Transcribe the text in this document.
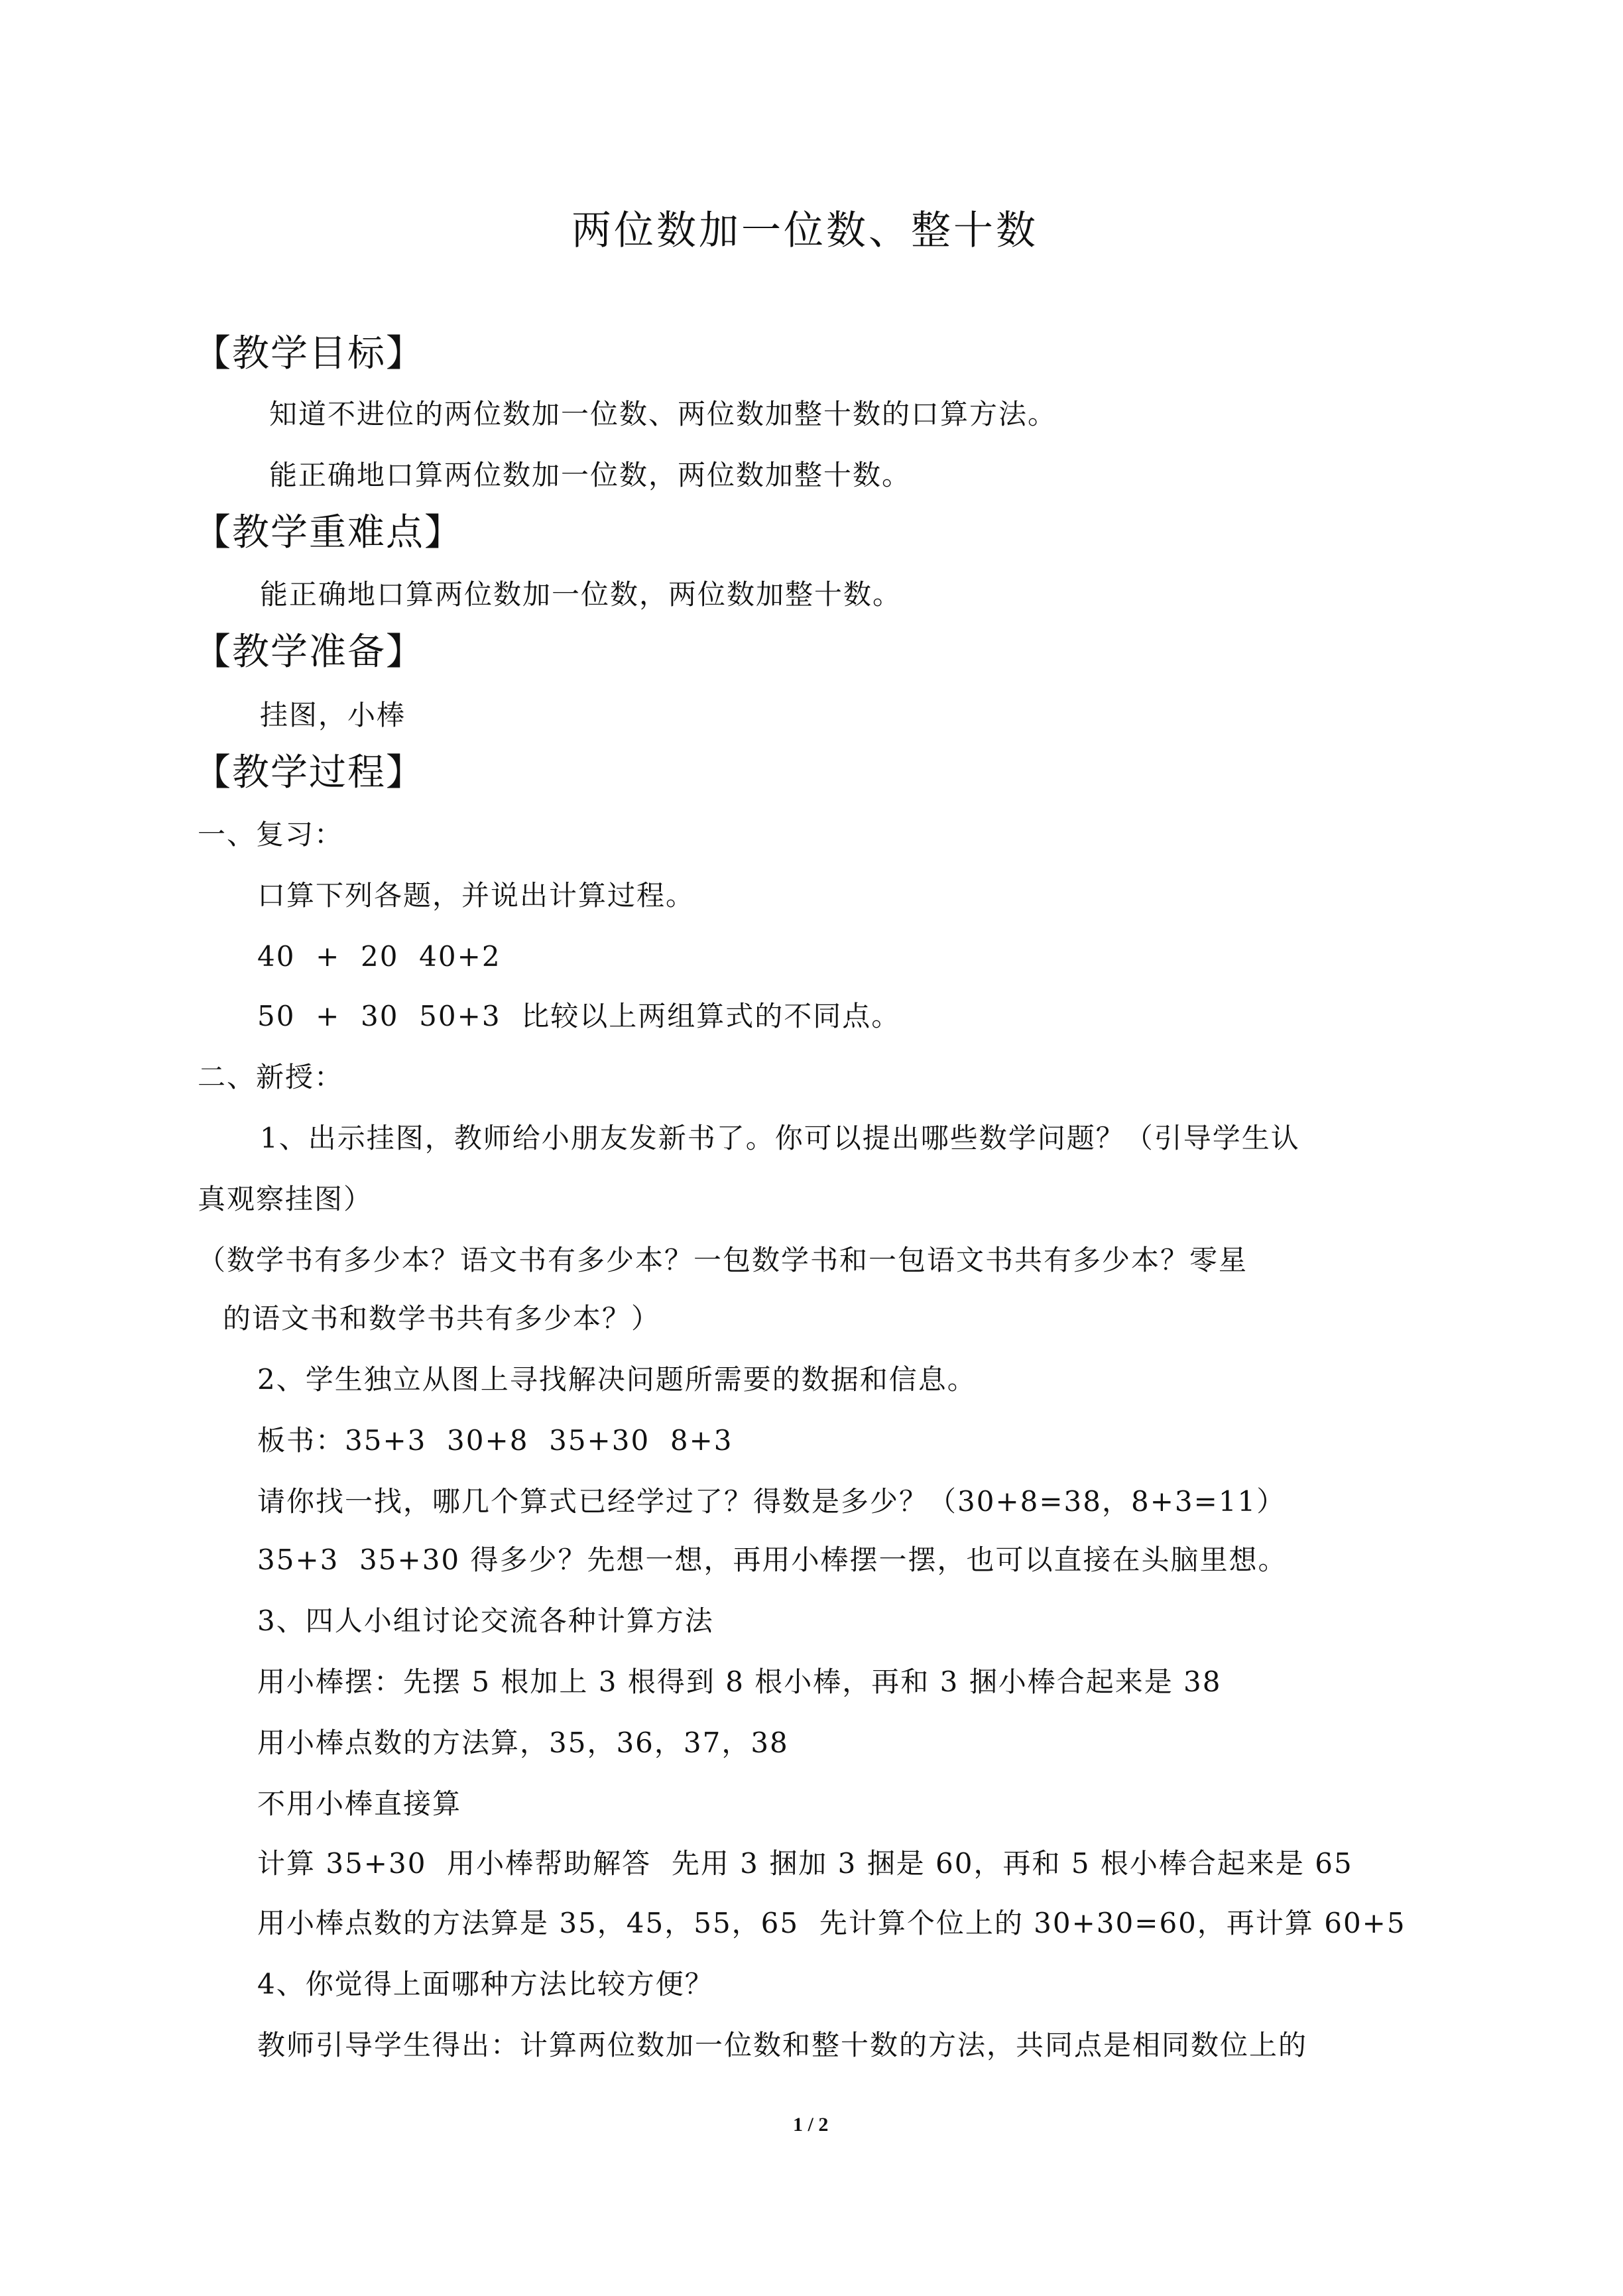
两位数加一位数、整十数
【教学目标】
知道不进位的两位数加一位数、两位数加整十数的口算方法。
能正确地口算两位数加一位数，两位数加整十数。
【教学重难点】
能正确地口算两位数加一位数，两位数加整十数。
【教学准备】
挂图，小棒
【教学过程】
一、复习：
口算下列各题，并说出计算过程。
40  +  20  40+2
50  +  30  50+3  比较以上两组算式的不同点。
二、新授：
1、出示挂图，教师给小朋友发新书了。你可以提出哪些数学问题？（引导学生认
真观察挂图）
（数学书有多少本？语文书有多少本？一包数学书和一包语文书共有多少本？零星
的语文书和数学书共有多少本？）
2、学生独立从图上寻找解决问题所需要的数据和信息。
板书：35+3  30+8  35+30  8+3
请你找一找，哪几个算式已经学过了？得数是多少？（30+8=38，8+3=11）
35+3  35+30 得多少？先想一想，再用小棒摆一摆，也可以直接在头脑里想。
3、四人小组讨论交流各种计算方法
用小棒摆：先摆 5 根加上 3 根得到 8 根小棒，再和 3 捆小棒合起来是 38
用小棒点数的方法算，35，36，37，38
不用小棒直接算
计算 35+30  用小棒帮助解答  先用 3 捆加 3 捆是 60，再和 5 根小棒合起来是 65
用小棒点数的方法算是 35，45，55，65  先计算个位上的 30+30=60，再计算 60+5
4、你觉得上面哪种方法比较方便？
教师引导学生得出：计算两位数加一位数和整十数的方法，共同点是相同数位上的
1 / 2
